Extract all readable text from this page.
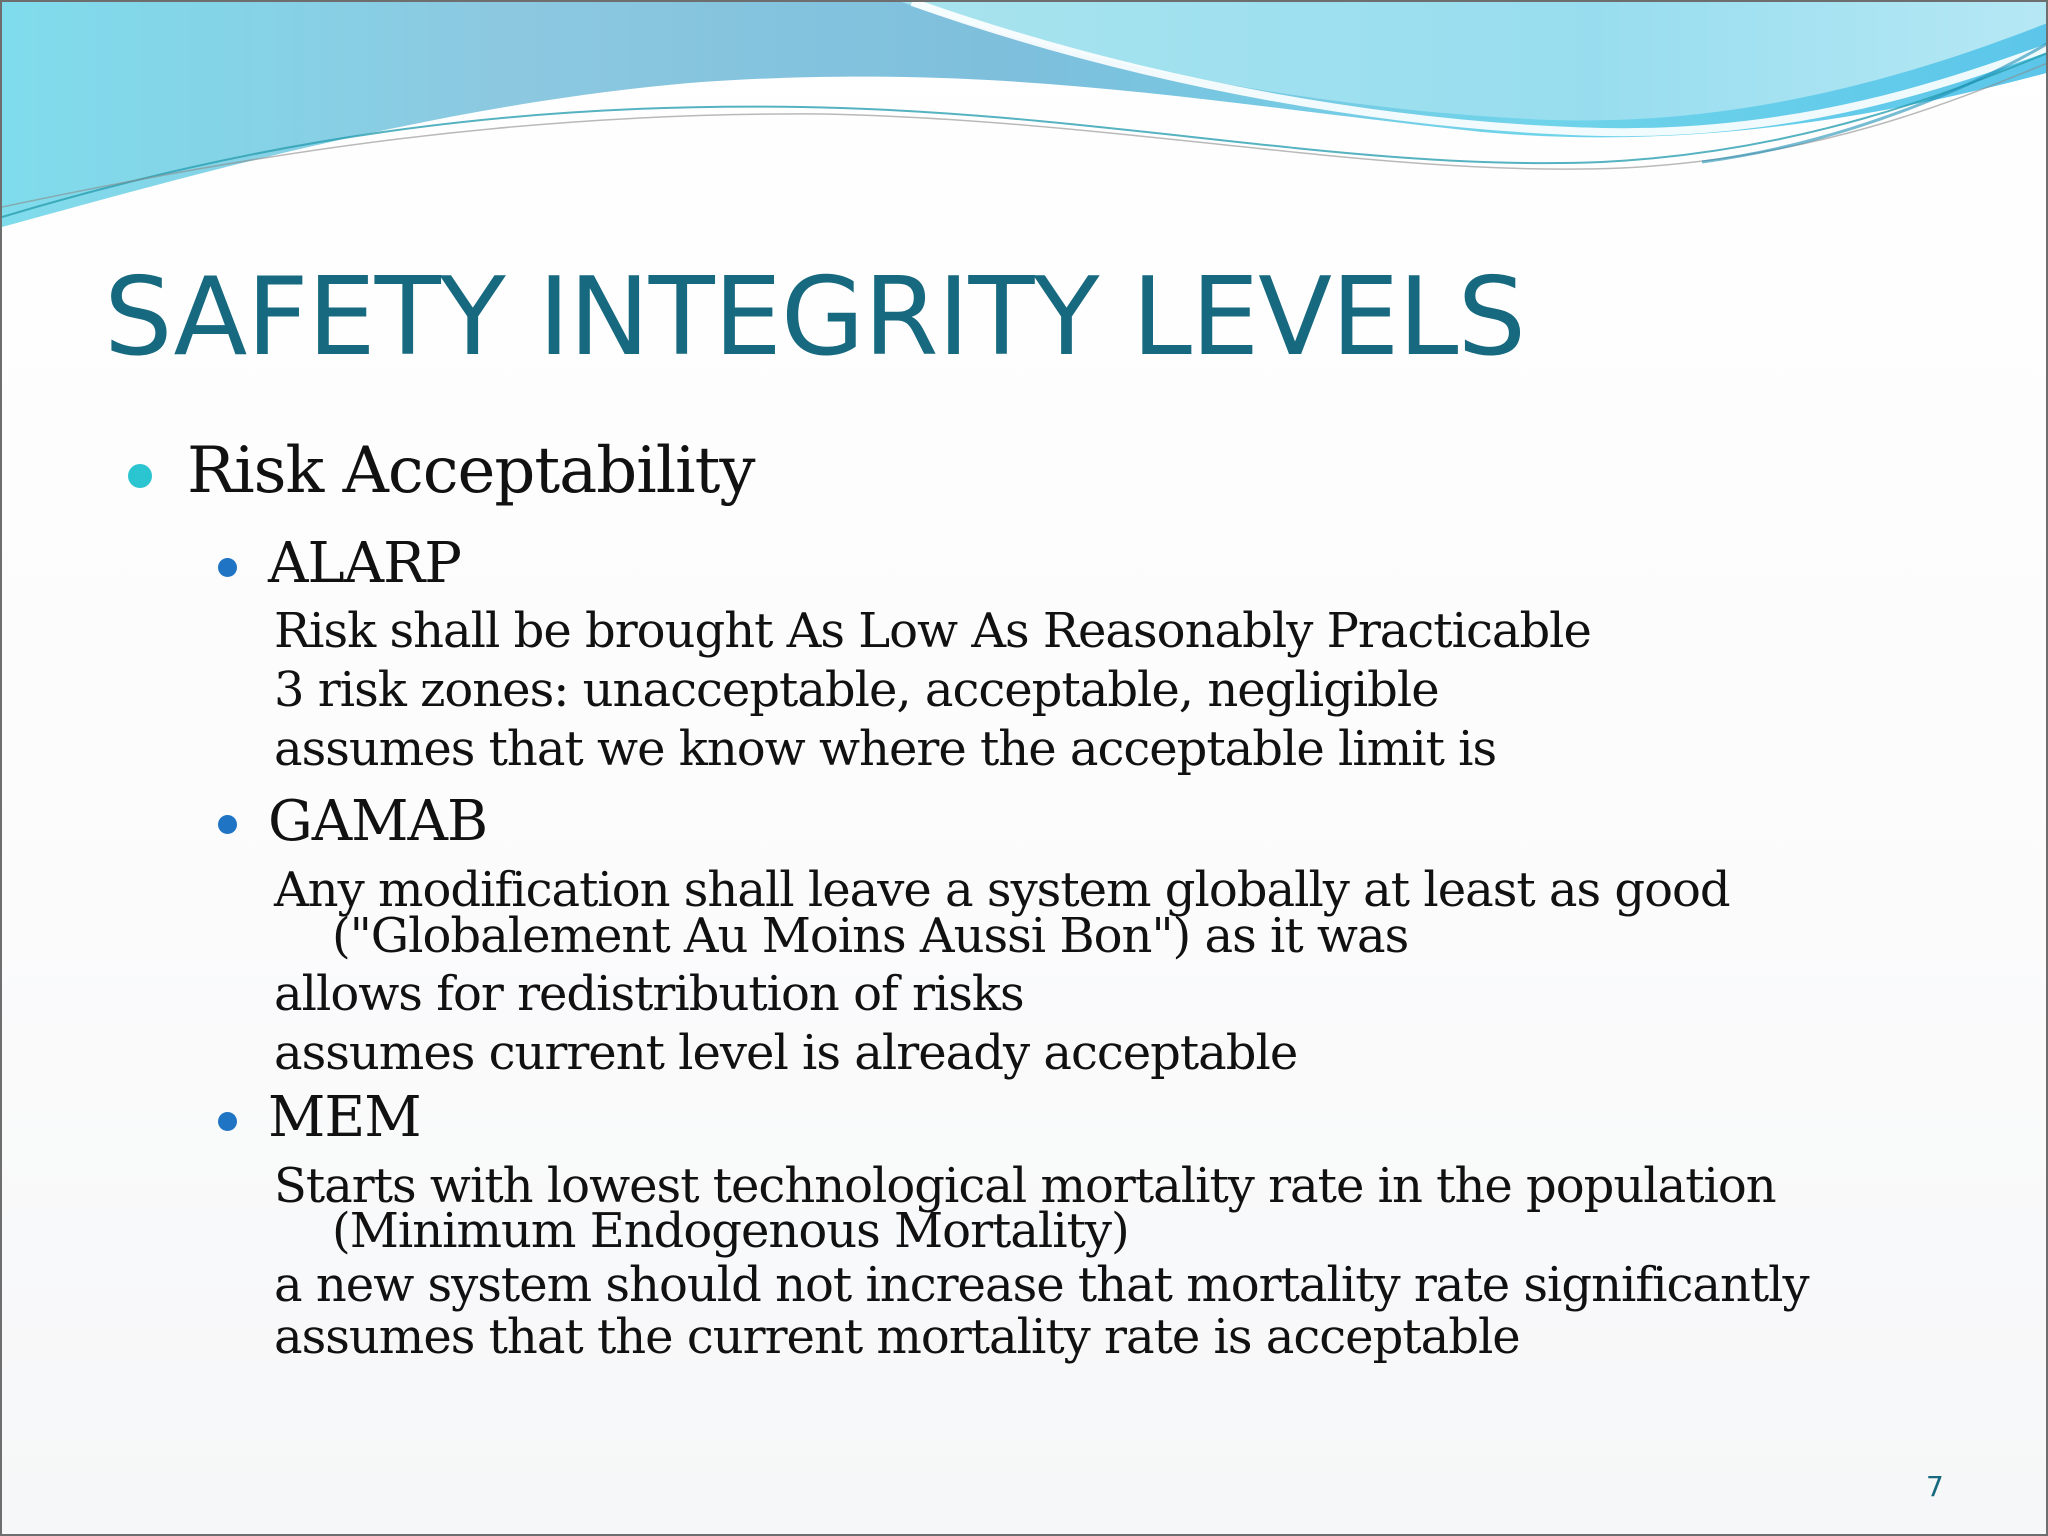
SAFETY INTEGRITY LEVELS
Risk Acceptability
ALARP
Risk shall be brought As Low As Reasonably Practicable
3 risk zones: unacceptable, acceptable, negligible
assumes that we know where the acceptable limit is
GAMAB
Any modification shall leave a system globally at least as good
("Globalement Au Moins Aussi Bon") as it was
allows for redistribution of risks
assumes current level is already acceptable
MEM
Starts with lowest technological mortality rate in the population
(Minimum Endogenous Mortality)
a new system should not increase that mortality rate significantly
assumes that the current mortality rate is acceptable
7
